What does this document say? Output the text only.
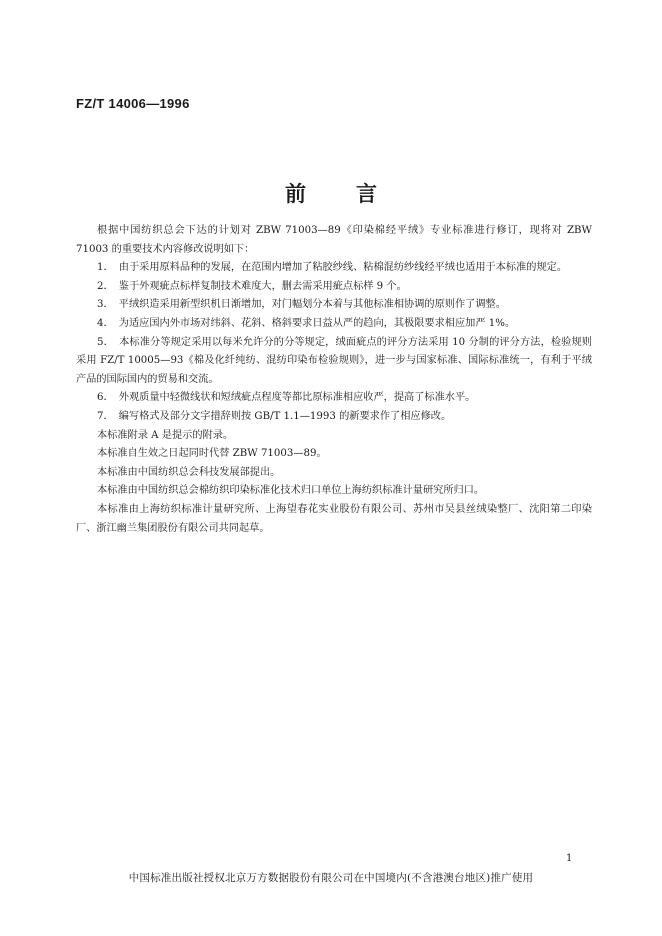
FZ/T 14006—1996
前 言

根据中国纺织总会下达的计划对 ZBW 71003—89《印染棉经平绒》专业标准进行修订，现将对 ZBW 71003 的重要技术内容修改说明如下：

1．　由于采用原料品种的发展，在范围内增加了粘胶纱线、粘棉混纺纱线经平绒也适用于本标准的规定。

2．　鉴于外观疵点标样复制技术难度大，删去需采用疵点标样 9 个。

3．　平绒织造采用新型织机日渐增加，对门幅划分本着与其他标准相协调的原则作了调整。

4．　为适应国内外市场对纬斜、花斜、格斜要求日益从严的趋向，其极限要求相应加严 1%。

5．　本标准分等规定采用以每米允许分的分等规定，绒面疵点的评分方法采用 10 分制的评分方法，检验规则采用 FZ/T 10005—93《棉及化纤纯纺、混纺印染布检验规则》，进一步与国家标准、国际标准统一，有利于平绒产品的国际国内的贸易和交流。

6．　外观质量中轻微线状和短绒疵点程度等都比原标准相应收严，提高了标准水平。

7．　编写格式及部分文字措辞则按 GB/T 1.1—1993 的新要求作了相应修改。

本标准附录 A 是提示的附录。

本标准自生效之日起同时代替 ZBW 71003—89。

本标准由中国纺织总会科技发展部提出。

本标准由中国纺织总会棉纺织印染标准化技术归口单位上海纺织标准计量研究所归口。

本标准由上海纺织标准计量研究所、上海望春花实业股份有限公司、苏州市吴县丝绒染整厂、沈阳第二印染厂、浙江幽兰集团股份有限公司共同起草。

1
中国标准出版社授权北京万方数据股份有限公司在中国境内(不含港澳台地区)推广使用
